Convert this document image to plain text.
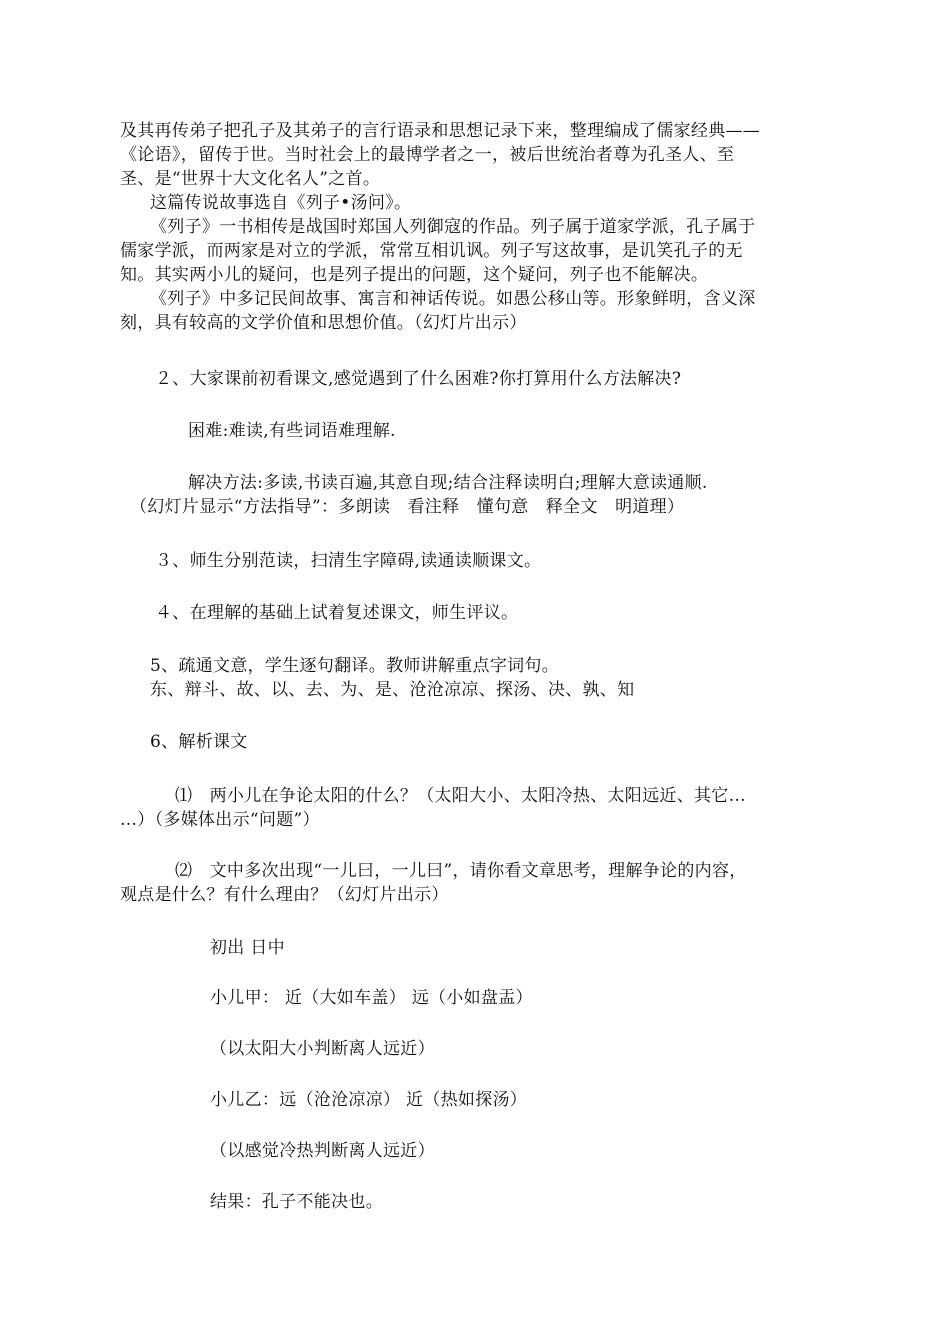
及其再传弟子把孔子及其弟子的言行语录和思想记录下来，整理编成了儒家经典——
《论语》，留传于世。当时社会上的最博学者之一，被后世统治者尊为孔圣人、至
圣、是“世界十大文化名人”之首。
这篇传说故事选自《列子•汤问》。
《列子》一书相传是战国时郑国人列御寇的作品。列子属于道家学派，孔子属于
儒家学派，而两家是对立的学派，常常互相讥讽。列子写这故事，是讥笑孔子的无
知。其实两小儿的疑问，也是列子提出的问题，这个疑问，列子也不能解决。
《列子》中多记民间故事、寓言和神话传说。如愚公移山等。形象鲜明，含义深
刻，具有较高的文学价值和思想价值。（幻灯片出示）
２、大家课前初看课文,感觉遇到了什么困难?你打算用什么方法解决?
困难:难读,有些词语难理解.
解决方法:多读,书读百遍,其意自现;结合注释读明白;理解大意读通顺.
（幻灯片显示“方法指导”：多朗读　看注释　懂句意　释全文　明道理）
３、师生分别范读，扫清生字障碍,读通读顺课文。
４、在理解的基础上试着复述课文，师生评议。
5、疏通文意，学生逐句翻译。教师讲解重点字词句。
东、辩斗、故、以、去、为、是、沧沧凉凉、探汤、决、孰、知
6、解析课文
⑴　两小儿在争论太阳的什么？（太阳大小、太阳冷热、太阳远近、其它…
…）（多媒体出示“问题”）
⑵　文中多次出现“一儿曰，一儿曰”，请你看文章思考，理解争论的内容，
观点是什么？有什么理由？（幻灯片出示）
初出 日中
小儿甲： 近（大如车盖） 远（小如盘盂）
（以太阳大小判断离人远近）
小儿乙：远（沧沧凉凉） 近（热如探汤）
（以感觉冷热判断离人远近）
结果：孔子不能决也。
